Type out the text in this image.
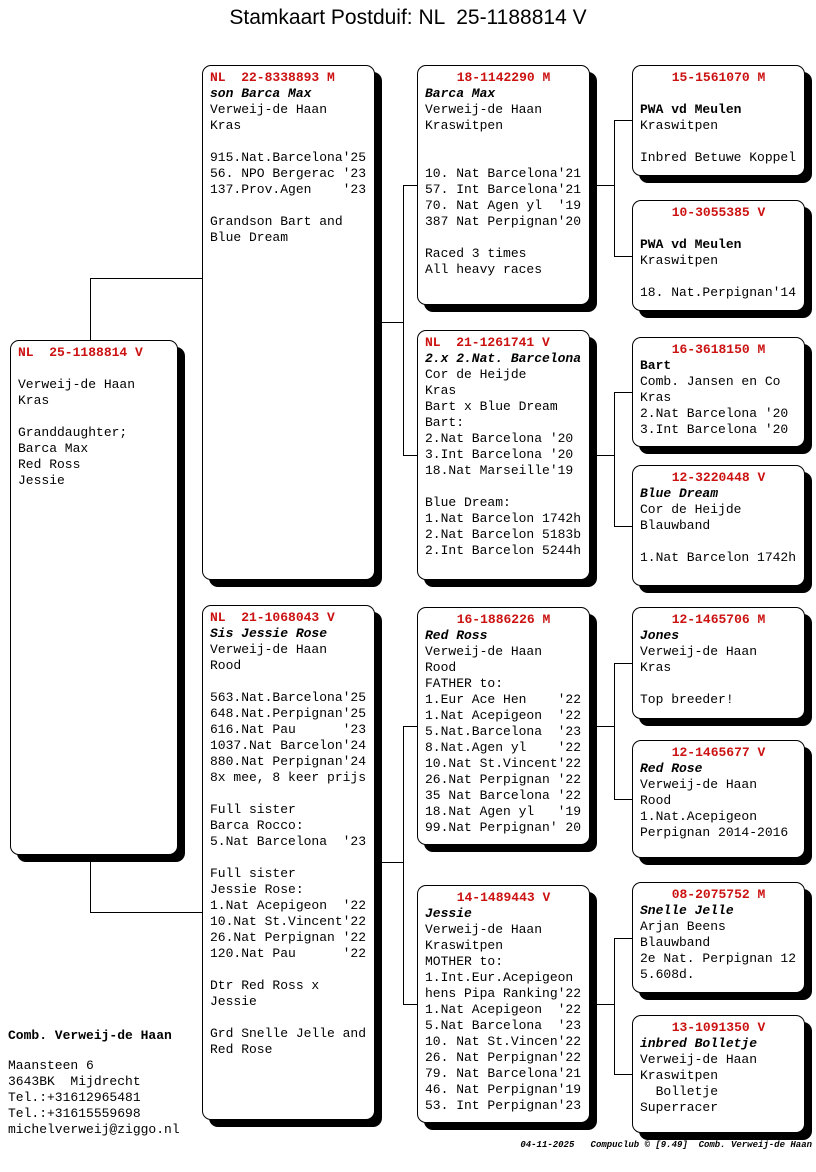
Stamkaart Postduif: NL  25-1188814 V
NL  25-1188814 V

Verweij-de Haan
Kras

Granddaughter;
Barca Max
Red Ross
Jessie
NL  22-8338893 M
son Barca Max
Verweij-de Haan
Kras

915.Nat.Barcelona'25
56. NPO Bergerac '23
137.Prov.Agen    '23

Grandson Bart and
Blue Dream
NL  21-1068043 V
Sis Jessie Rose
Verweij-de Haan
Rood

563.Nat.Barcelona'25
648.Nat.Perpignan'25
616.Nat Pau      '23
1037.Nat Barcelon'24
880.Nat Perpignan'24
8x mee, 8 keer prijs

Full sister
Barca Rocco:
5.Nat Barcelona  '23

Full sister
Jessie Rose:
1.Nat Acepigeon  '22
10.Nat St.Vincent'22
26.Nat Perpignan '22
120.Nat Pau      '22

Dtr Red Ross x
Jessie

Grd Snelle Jelle and
Red Rose
18-1142290 M
Barca Max
Verweij-de Haan
Kraswitpen

10. Nat Barcelona'21
57. Int Barcelona'21
70. Nat Agen yl  '19
387 Nat Perpignan'20

Raced 3 times
All heavy races
NL  21-1261741 V
2.x 2.Nat. Barcelona
Cor de Heijde
Kras
Bart x Blue Dream
Bart:
2.Nat Barcelona '20
3.Int Barcelona '20
18.Nat Marseille'19

Blue Dream:
1.Nat Barcelon 1742h
2.Nat Barcelon 5183b
2.Int Barcelon 5244h
16-1886226 M
Red Ross
Verweij-de Haan
Rood
FATHER to:
1.Eur Ace Hen    '22
1.Nat Acepigeon  '22
5.Nat.Barcelona  '23
8.Nat.Agen yl    '22
10.Nat St.Vincent'22
26.Nat Perpignan '22
35 Nat Barcelona '22
18.Nat Agen yl   '19
99.Nat Perpignan' 20
14-1489443 V
Jessie
Verweij-de Haan
Kraswitpen
MOTHER to:
1.Int.Eur.Acepigeon
hens Pipa Ranking'22
1.Nat Acepigeon  '22
5.Nat Barcelona  '23
10. Nat St.Vincen'22
26. Nat Perpignan'22
79. Nat Barcelona'21
46. Nat Perpignan'19
53. Int Perpignan'23
15-1561070 M

PWA vd Meulen
Kraswitpen

Inbred Betuwe Koppel
10-3055385 V

PWA vd Meulen
Kraswitpen

18. Nat.Perpignan'14
16-3618150 M
Bart
Comb. Jansen en Co
Kras
2.Nat Barcelona '20
3.Int Barcelona '20
12-3220448 V
Blue Dream
Cor de Heijde
Blauwband

1.Nat Barcelon 1742h
12-1465706 M
Jones
Verweij-de Haan
Kras

Top breeder!
12-1465677 V
Red Rose
Verweij-de Haan
Rood
1.Nat.Acepigeon
Perpignan 2014-2016
08-2075752 M
Snelle Jelle
Arjan Beens
Blauwband
2e Nat. Perpignan 12
5.608d.
13-1091350 V
inbred Bolletje
Verweij-de Haan
Kraswitpen
Bolletje
Superracer
Comb. Verweij-de Haan
Maansteen 6
3643BK  Mijdrecht
Tel.:+31612965481
Tel.:+31615559698
michelverweij@ziggo.nl
04-11-2025   Compuclub © [9.49]  Comb. Verweij-de Haan
